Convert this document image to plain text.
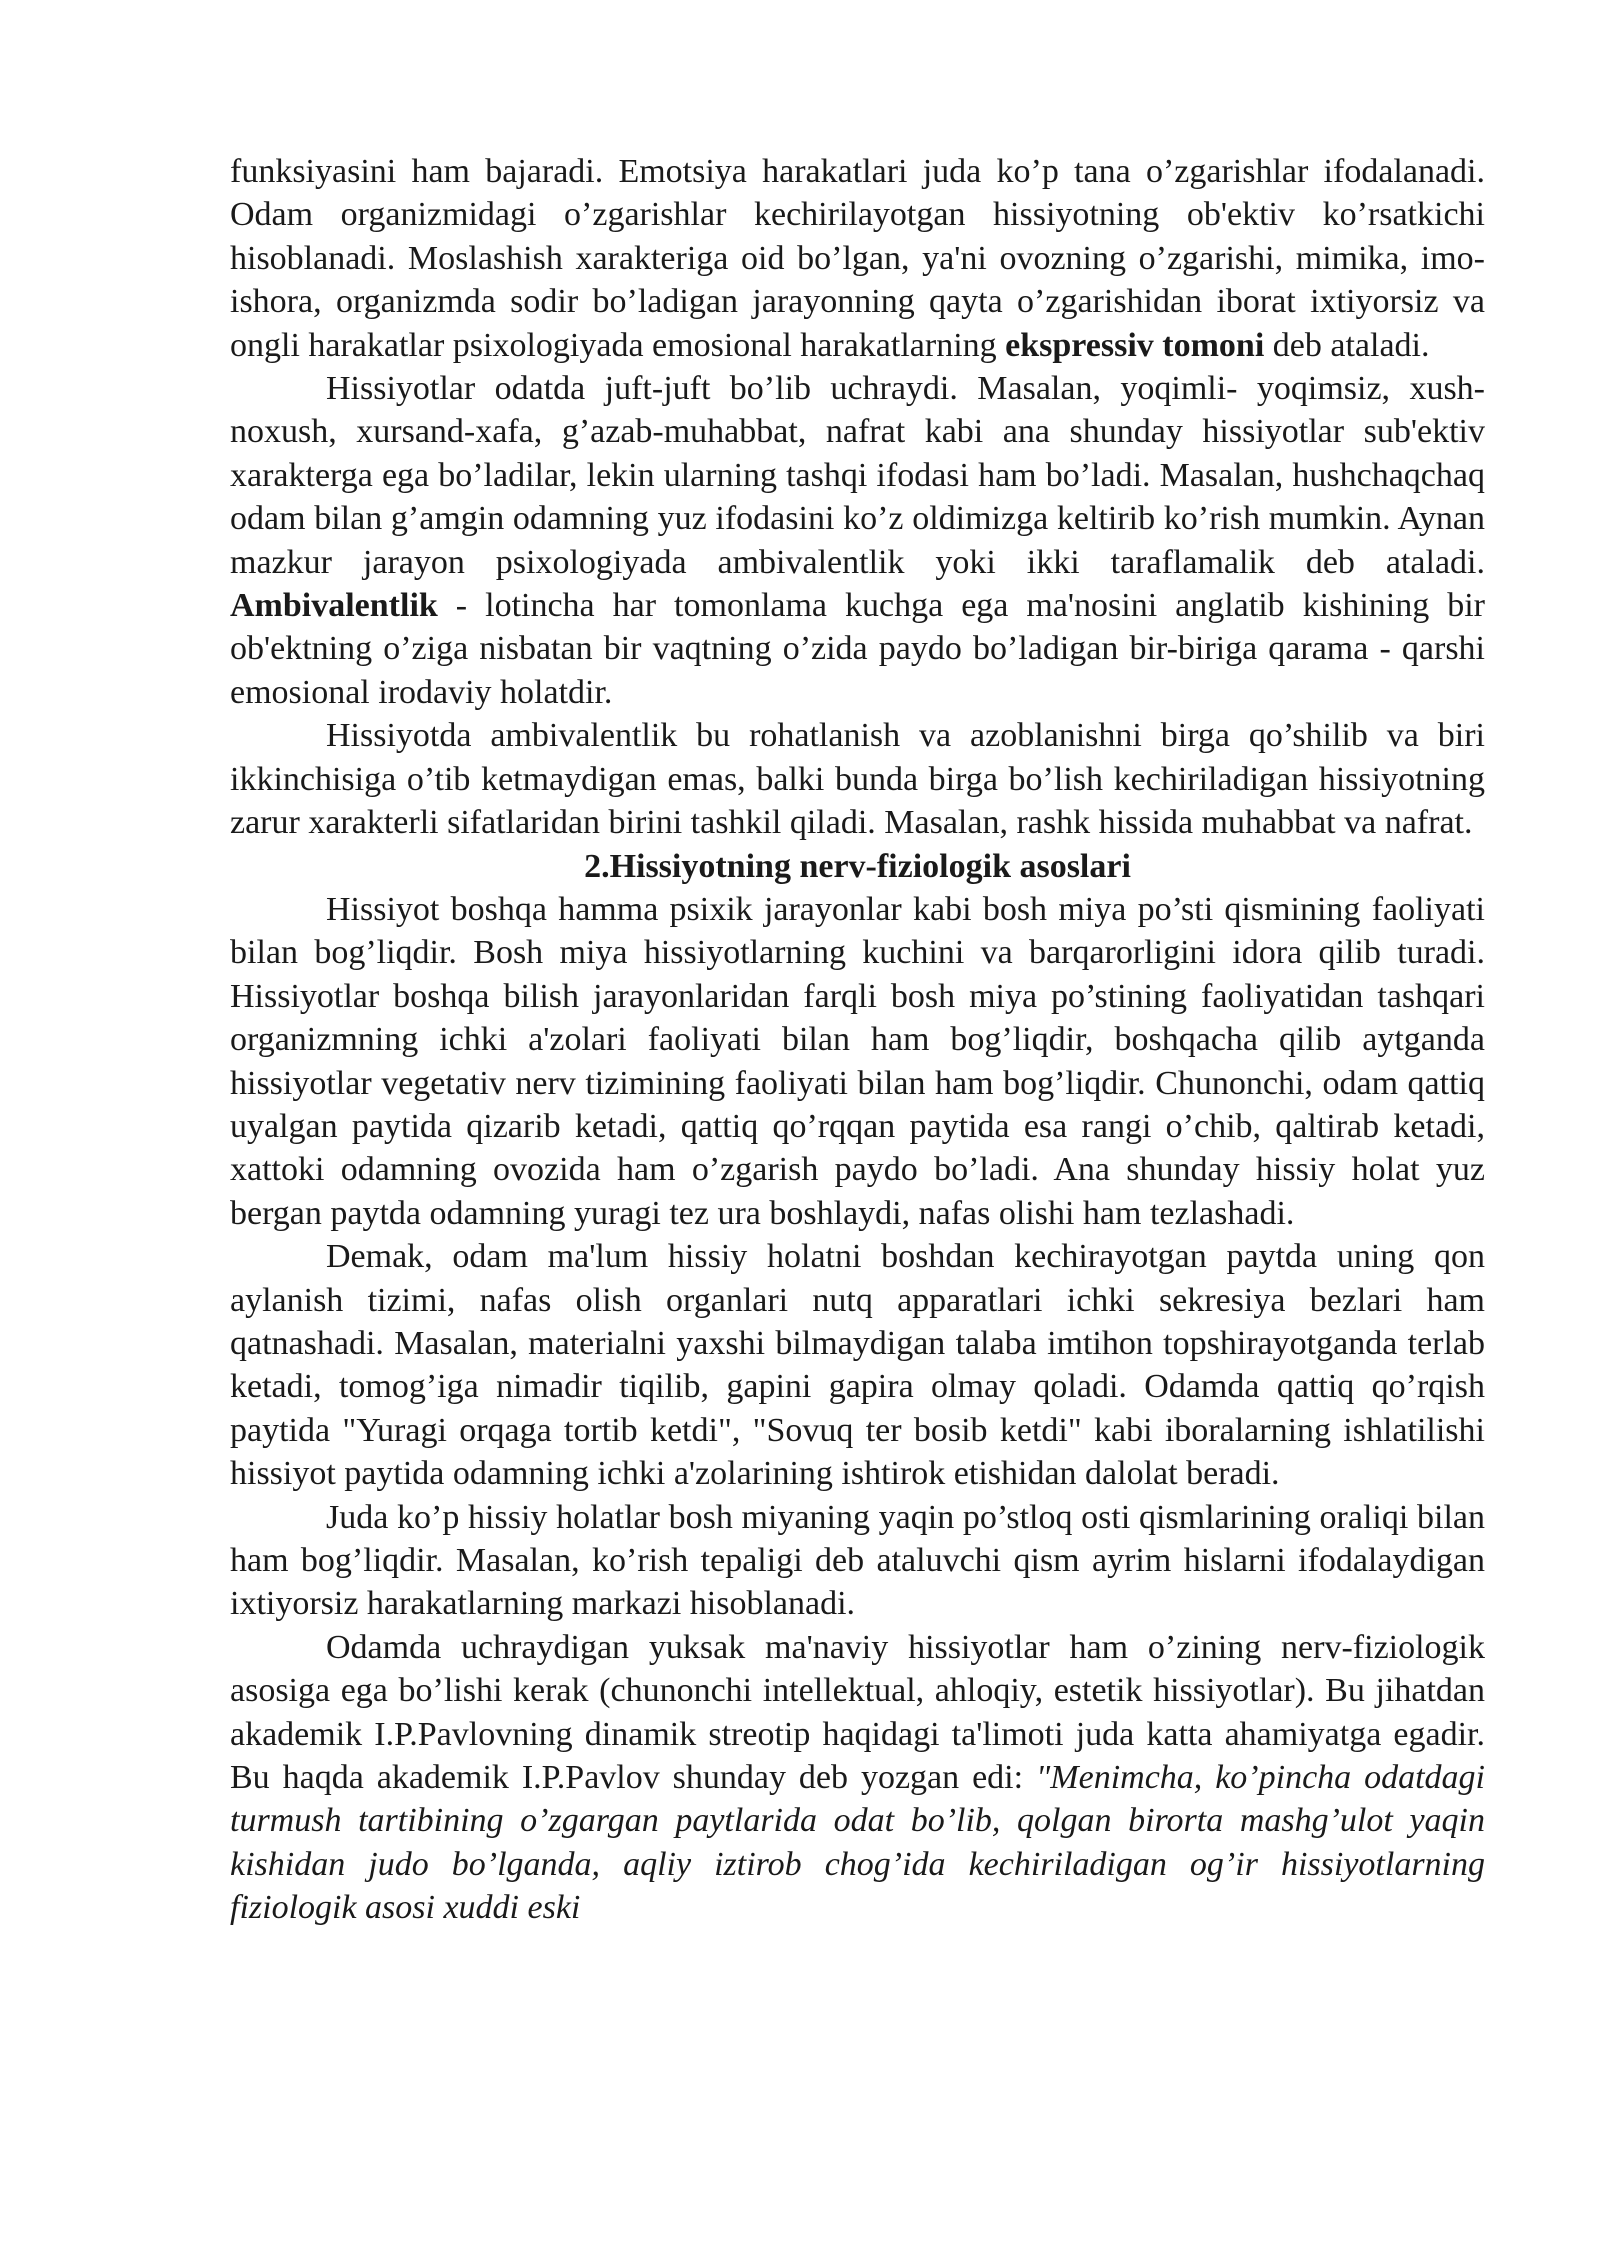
funksiyasini ham bajaradi. Emotsiya harakatlari juda ko’p tana o’zgarishlar ifodalanadi. Odam organizmidagi o’zgarishlar kechirilayotgan hissiyotning ob'ektiv ko’rsatkichi hisoblanadi. Moslashish xarakteriga oid bo’lgan, ya'ni ovozning o’zgarishi, mimika, imo-ishora, organizmda sodir bo’ladigan jarayonning qayta o’zgarishidan iborat ixtiyorsiz va ongli harakatlar psixologiyada emosional harakatlarning ekspressiv tomoni deb ataladi.

Hissiyotlar odatda juft-juft bo’lib uchraydi. Masalan, yoqimli- yoqimsiz, xush-noxush, xursand-xafa, g’azab-muhabbat, nafrat kabi ana shunday hissiyotlar sub'ektiv xarakterga ega bo’ladilar, lekin ularning tashqi ifodasi ham bo’ladi. Masalan, hushchaqchaq odam bilan g’amgin odamning yuz ifodasini ko’z oldimizga keltirib ko’rish mumkin. Aynan mazkur jarayon psixologiyada ambivalentlik yoki ikki taraflamalik deb ataladi. Ambivalentlik - lotincha har tomonlama kuchga ega ma'nosini anglatib kishining bir ob'ektning o’ziga nisbatan bir vaqtning o’zida paydo bo’ladigan bir-biriga qarama - qarshi emosional irodaviy holatdir.

Hissiyotda ambivalentlik bu rohatlanish va azoblanishni birga qo’shilib va biri ikkinchisiga o’tib ketmaydigan emas, balki bunda birga bo’lish kechiriladigan hissiyotning zarur xarakterli sifatlaridan birini tashkil qiladi. Masalan, rashk hissida muhabbat va nafrat.

2.Hissiyotning nerv-fiziologik asoslari

Hissiyot boshqa hamma psixik jarayonlar kabi bosh miya po’sti qismining faoliyati bilan bog’liqdir. Bosh miya hissiyotlarning kuchini va barqarorligini idora qilib turadi. Hissiyotlar boshqa bilish jarayonlaridan farqli bosh miya po’stining faoliyatidan tashqari organizmning ichki a'zolari faoliyati bilan ham bog’liqdir, boshqacha qilib aytganda hissiyotlar vegetativ nerv tizimining faoliyati bilan ham bog’liqdir. Chunonchi, odam qattiq uyalgan paytida qizarib ketadi, qattiq qo’rqqan paytida esa rangi o’chib, qaltirab ketadi, xattoki odamning ovozida ham o’zgarish paydo bo’ladi. Ana shunday hissiy holat yuz bergan paytda odamning yuragi tez ura boshlaydi, nafas olishi ham tezlashadi.

Demak, odam ma'lum hissiy holatni boshdan kechirayotgan paytda uning qon aylanish tizimi, nafas olish organlari nutq apparatlari ichki sekresiya bezlari ham qatnashadi. Masalan, materialni yaxshi bilmaydigan talaba imtihon topshirayotganda terlab ketadi, tomog’iga nimadir tiqilib, gapini gapira olmay qoladi. Odamda qattiq qo’rqish paytida "Yuragi orqaga tortib ketdi", "Sovuq ter bosib ketdi" kabi iboralarning ishlatilishi hissiyot paytida odamning ichki a'zolarining ishtirok etishidan dalolat beradi.

Juda ko’p hissiy holatlar bosh miyaning yaqin po’stloq osti qismlarining oraliqi bilan ham bog’liqdir. Masalan, ko’rish tepaligi deb ataluvchi qism ayrim hislarni ifodalaydigan ixtiyorsiz harakatlarning markazi hisoblanadi.

Odamda uchraydigan yuksak ma'naviy hissiyotlar ham o’zining nerv-fiziologik asosiga ega bo’lishi kerak (chunonchi intellektual, ahloqiy, estetik hissiyotlar). Bu jihatdan akademik I.P.Pavlovning dinamik streotip haqidagi ta'limoti juda katta ahamiyatga egadir. Bu haqda akademik I.P.Pavlov shunday deb yozgan edi: "Menimcha, ko’pincha odatdagi turmush tartibining o’zgargan paytlarida odat bo’lib, qolgan birorta mashg’ulot yaqin kishidan judo bo’lganda, aqliy iztirob chog’ida kechiriladigan og’ir hissiyotlarning fiziologik asosi xuddi eski
